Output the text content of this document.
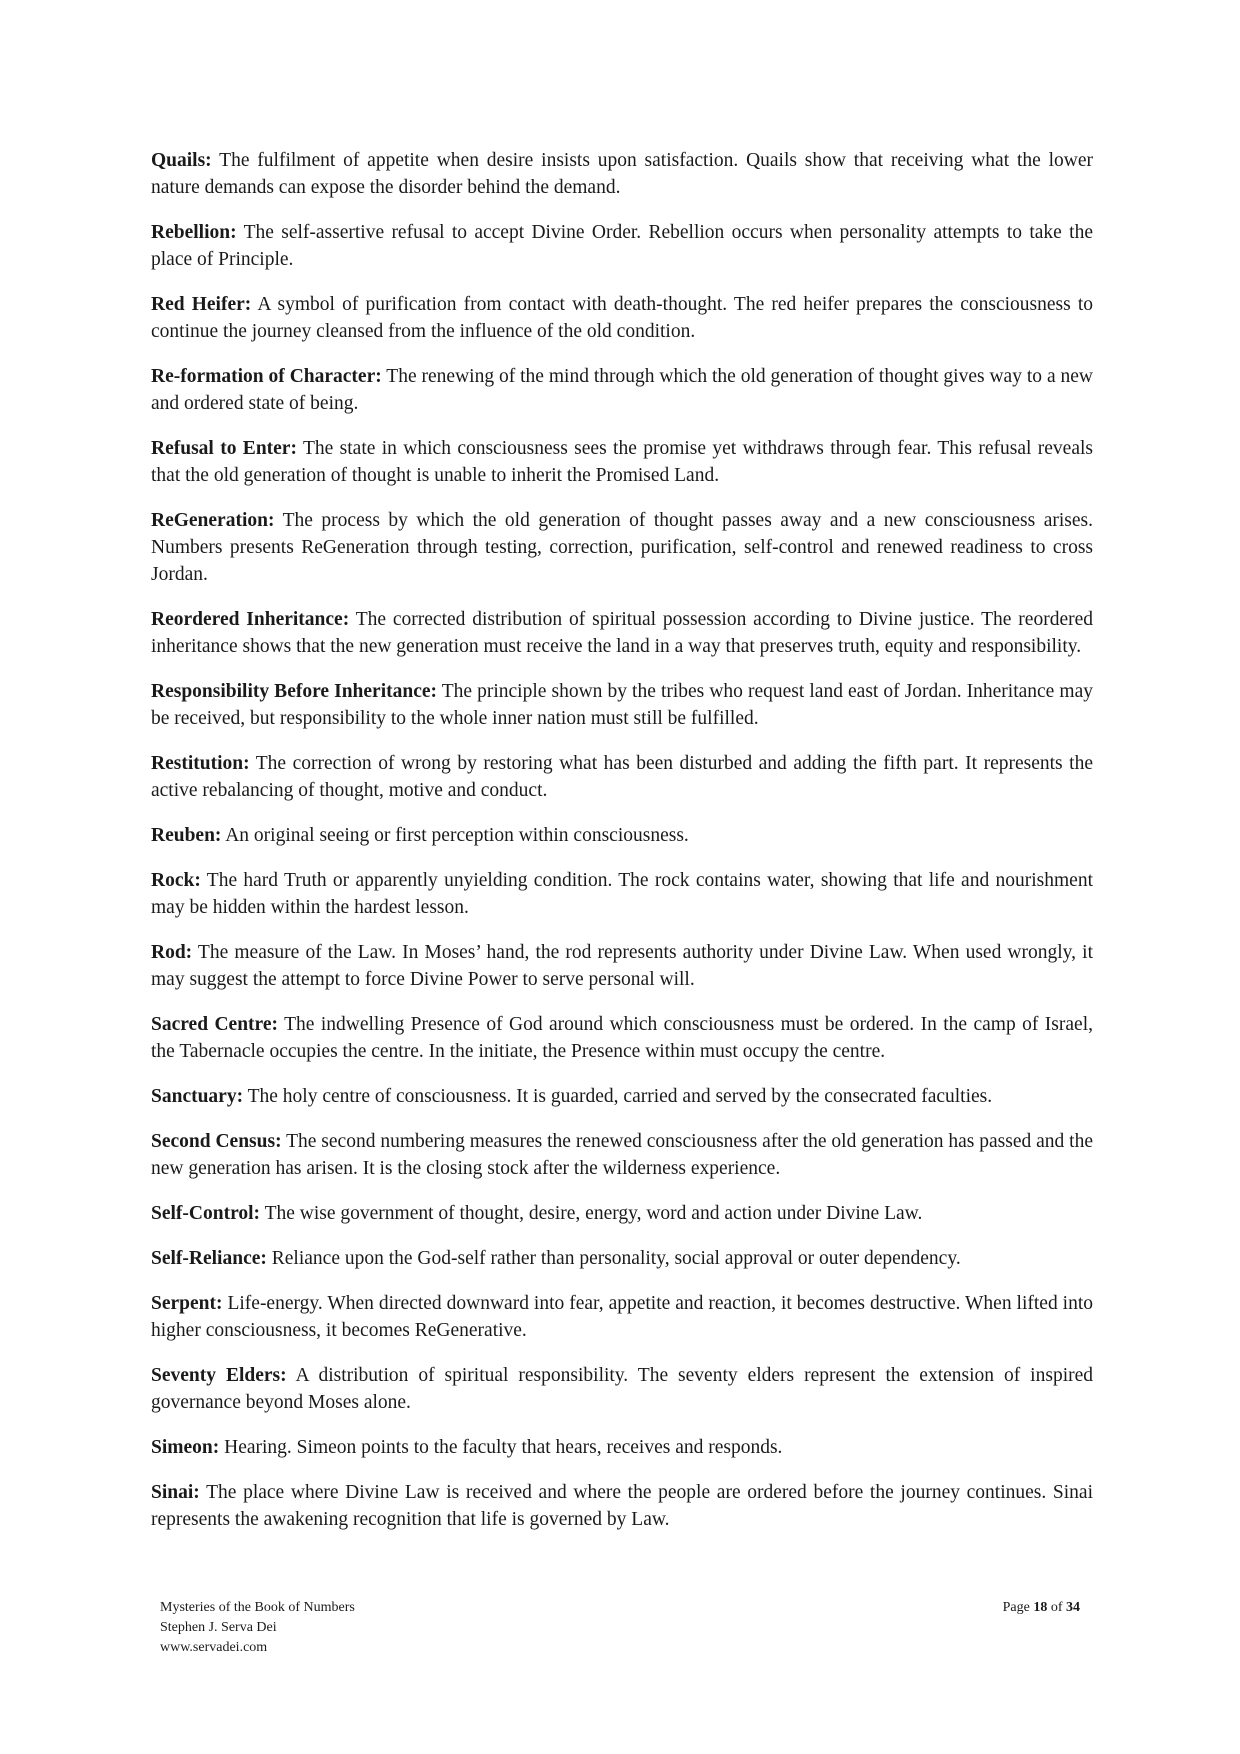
Quails: The fulfilment of appetite when desire insists upon satisfaction. Quails show that receiving what the lower nature demands can expose the disorder behind the demand.

Rebellion: The self-assertive refusal to accept Divine Order. Rebellion occurs when personality attempts to take the place of Principle.

Red Heifer: A symbol of purification from contact with death-thought. The red heifer prepares the consciousness to continue the journey cleansed from the influence of the old condition.

Re-formation of Character: The renewing of the mind through which the old generation of thought gives way to a new and ordered state of being.

Refusal to Enter: The state in which consciousness sees the promise yet withdraws through fear. This refusal reveals that the old generation of thought is unable to inherit the Promised Land.

ReGeneration: The process by which the old generation of thought passes away and a new consciousness arises. Numbers presents ReGeneration through testing, correction, purification, self-control and renewed readiness to cross Jordan.

Reordered Inheritance: The corrected distribution of spiritual possession according to Divine justice. The reordered inheritance shows that the new generation must receive the land in a way that preserves truth, equity and responsibility.

Responsibility Before Inheritance: The principle shown by the tribes who request land east of Jordan. Inheritance may be received, but responsibility to the whole inner nation must still be fulfilled.

Restitution: The correction of wrong by restoring what has been disturbed and adding the fifth part. It represents the active rebalancing of thought, motive and conduct.

Reuben: An original seeing or first perception within consciousness.

Rock: The hard Truth or apparently unyielding condition. The rock contains water, showing that life and nourishment may be hidden within the hardest lesson.

Rod: The measure of the Law. In Moses’ hand, the rod represents authority under Divine Law. When used wrongly, it may suggest the attempt to force Divine Power to serve personal will.

Sacred Centre: The indwelling Presence of God around which consciousness must be ordered. In the camp of Israel, the Tabernacle occupies the centre. In the initiate, the Presence within must occupy the centre.

Sanctuary: The holy centre of consciousness. It is guarded, carried and served by the consecrated faculties.

Second Census: The second numbering measures the renewed consciousness after the old generation has passed and the new generation has arisen. It is the closing stock after the wilderness experience.

Self-Control: The wise government of thought, desire, energy, word and action under Divine Law.

Self-Reliance: Reliance upon the God-self rather than personality, social approval or outer dependency.

Serpent: Life-energy. When directed downward into fear, appetite and reaction, it becomes destructive. When lifted into higher consciousness, it becomes ReGenerative.

Seventy Elders: A distribution of spiritual responsibility. The seventy elders represent the extension of inspired governance beyond Moses alone.

Simeon: Hearing. Simeon points to the faculty that hears, receives and responds.

Sinai: The place where Divine Law is received and where the people are ordered before the journey continues. Sinai represents the awakening recognition that life is governed by Law.

Mysteries of the Book of Numbers
Stephen J. Serva Dei
www.servadei.com
Page 18 of 34
